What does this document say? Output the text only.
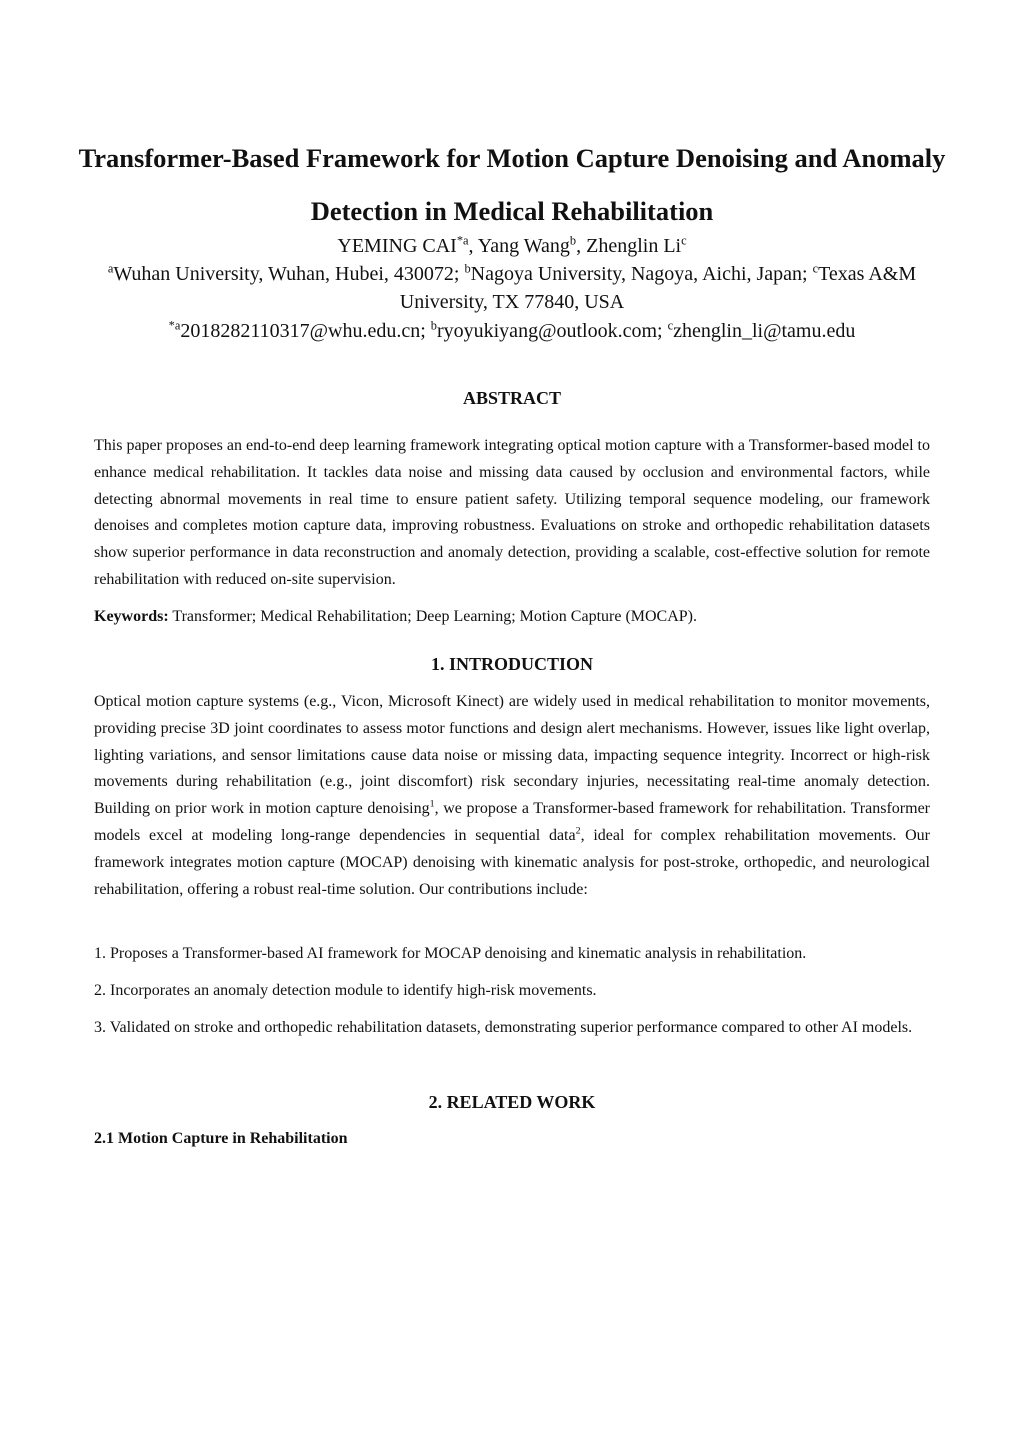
Transformer-Based Framework for Motion Capture Denoising and Anomaly Detection in Medical Rehabilitation
YEMING CAI$^{*a}$, Yang Wang$^b$, Zhenglin Li$^c$
$^a$Wuhan University, Wuhan, Hubei, 430072; $^b$Nagoya University, Nagoya, Aichi, Japan; $^c$Texas A&M University, TX 77840, USA
$^{*a}$2018282110317@whu.edu.cn; $^b$ryoyukiyang@outlook.com; $^c$zhenglin_li@tamu.edu
ABSTRACT

This paper proposes an end-to-end deep learning framework integrating optical motion capture with a Transformer-based model to enhance medical rehabilitation. It tackles data noise and missing data caused by occlusion and environmental factors, while detecting abnormal movements in real time to ensure patient safety. Utilizing temporal sequence modeling, our framework denoises and completes motion capture data, improving robustness. Evaluations on stroke and orthopedic rehabilitation datasets show superior performance in data reconstruction and anomaly detection, providing a scalable, cost-effective solution for remote rehabilitation with reduced on-site supervision.

Keywords: Transformer; Medical Rehabilitation; Deep Learning; Motion Capture (MOCAP).

1. INTRODUCTION

Optical motion capture systems (e.g., Vicon, Microsoft Kinect) are widely used in medical rehabilitation to monitor movements, providing precise 3D joint coordinates to assess motor functions and design alert mechanisms. However, issues like light overlap, lighting variations, and sensor limitations cause data noise or missing data, impacting sequence integrity. Incorrect or high-risk movements during rehabilitation (e.g., joint discomfort) risk secondary injuries, necessitating real-time anomaly detection. Building on prior work in motion capture denoising$^1$, we propose a Transformer-based framework for rehabilitation. Transformer models excel at modeling long-range dependencies in sequential data$^2$, ideal for complex rehabilitation movements. Our framework integrates motion capture (MOCAP) denoising with kinematic analysis for post-stroke, orthopedic, and neurological rehabilitation, offering a robust real-time solution. Our contributions include:

1. Proposes a Transformer-based AI framework for MOCAP denoising and kinematic analysis in rehabilitation.

2. Incorporates an anomaly detection module to identify high-risk movements.

3. Validated on stroke and orthopedic rehabilitation datasets, demonstrating superior performance compared to other AI models.

2. RELATED WORK
2.1 Motion Capture in Rehabilitation
